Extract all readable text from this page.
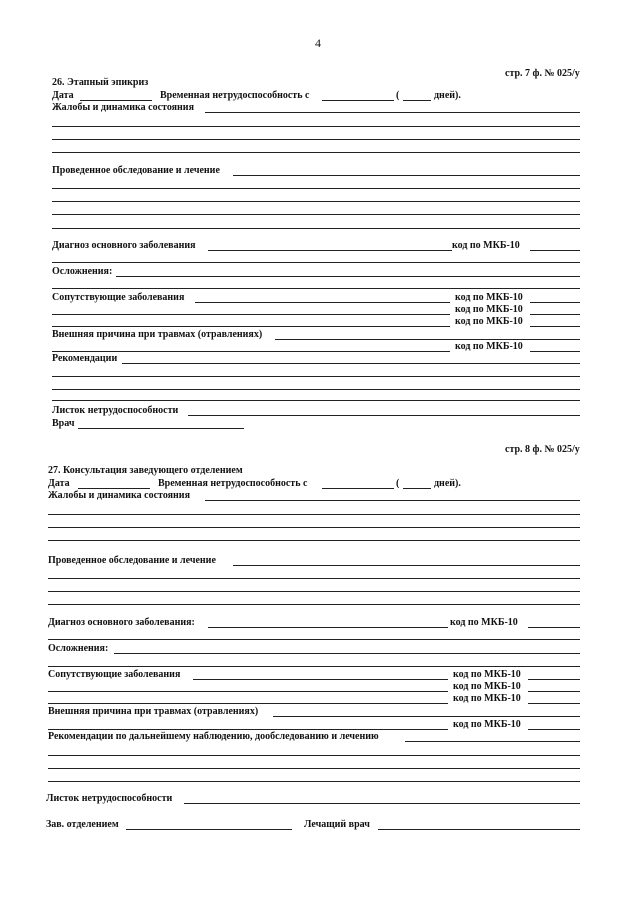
4
стр. 7 ф. № 025/у
26. Этапный эпикриз
Дата	Временная нетрудоспособность с	(	дней).
Жалобы и динамика состояния
Проведенное обследование и лечение
Диагноз основного заболевания	код по МКБ-10
Осложнения:
Сопутствующие заболевания	код по МКБ-10
код по МКБ-10
код по МКБ-10
Внешняя причина при травмах (отравлениях)
код по МКБ-10
Рекомендации
Листок нетрудоспособности
Врач
стр. 8 ф. № 025/у
27. Консультация заведующего отделением
Дата	Временная нетрудоспособность с	(	дней).
Жалобы и динамика состояния
Проведенное обследование и лечение
Диагноз основного заболевания:	код по МКБ-10
Осложнения:
Сопутствующие заболевания	код по МКБ-10
код по МКБ-10
код по МКБ-10
Внешняя причина при травмах (отравлениях)
код по МКБ-10
Рекомендации по дальнейшему наблюдению, дообследованию и лечению
Листок нетрудоспособности
Зав. отделением	Лечащий врач
